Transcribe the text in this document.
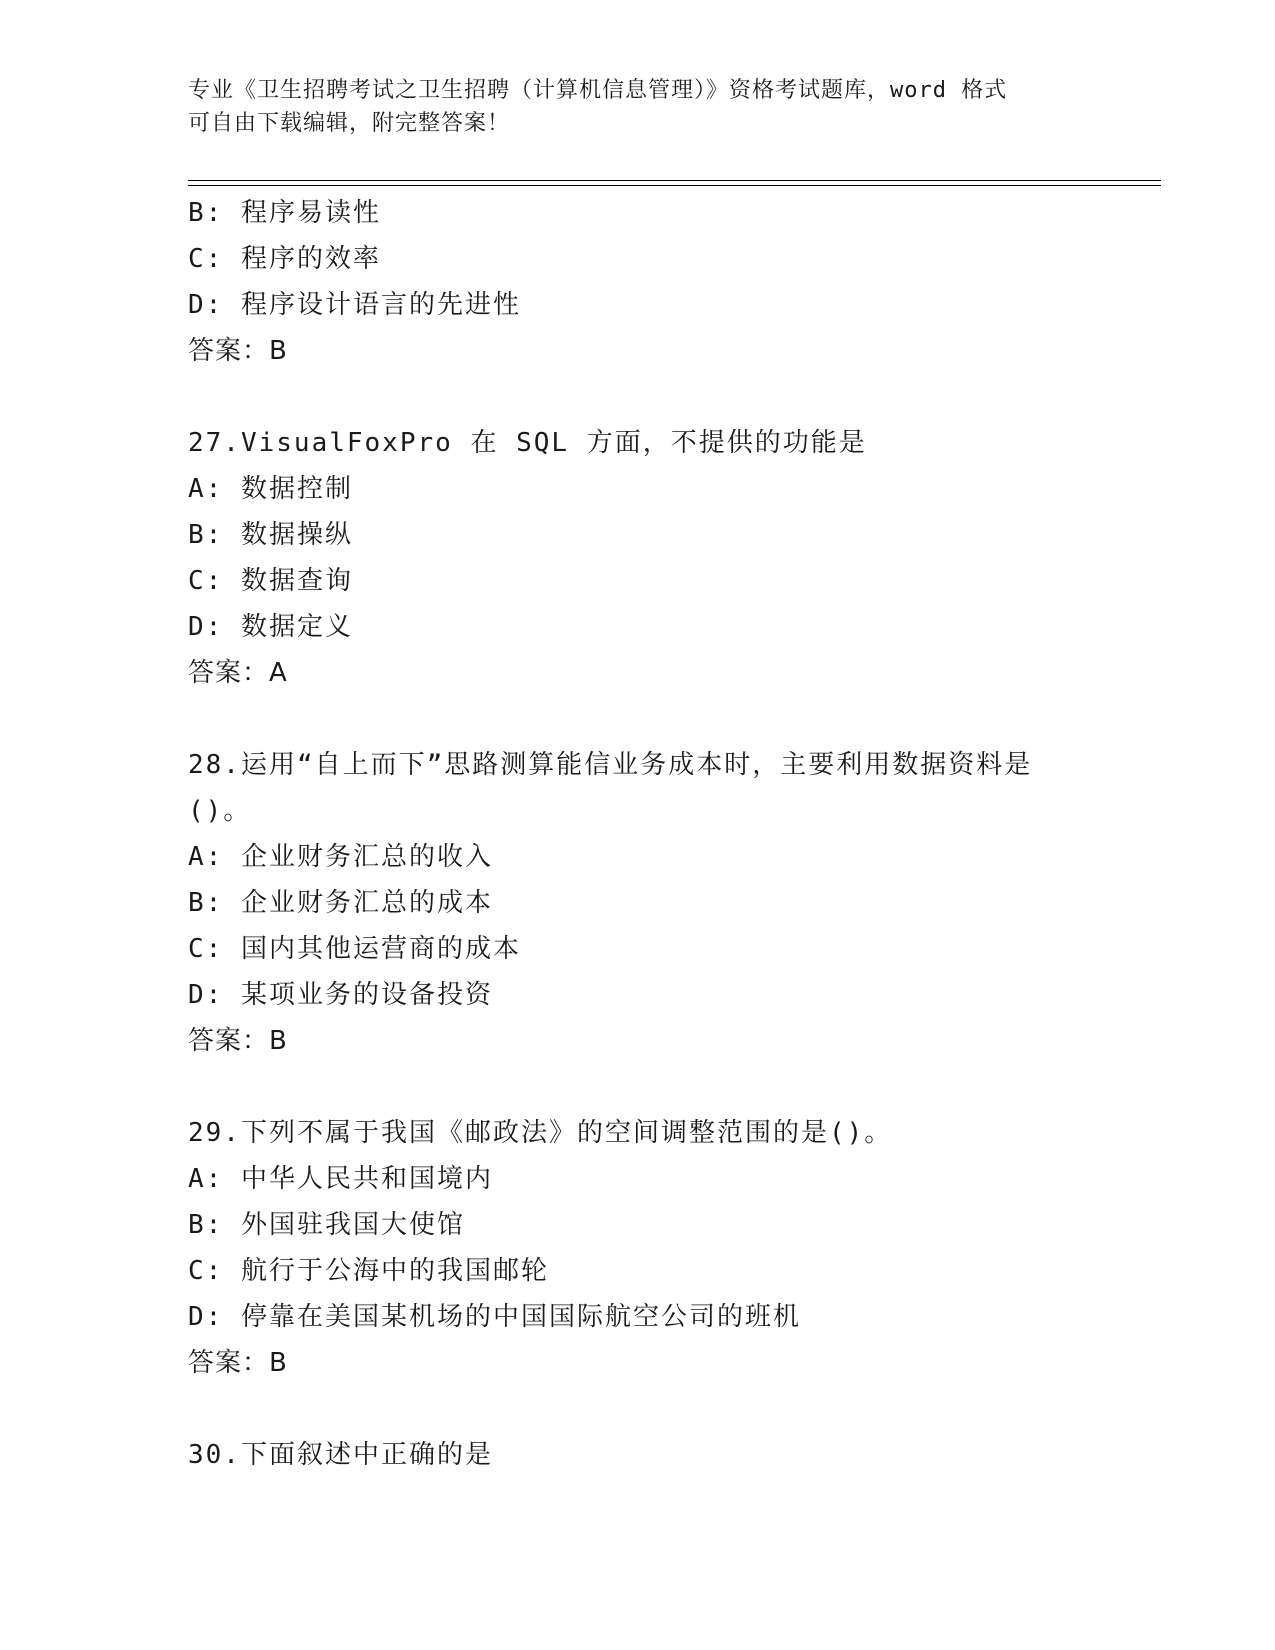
专业《卫生招聘考试之卫生招聘（计算机信息管理）》资格考试题库，word 格式
可自由下载编辑，附完整答案！
B: 程序易读性
C: 程序的效率
D: 程序设计语言的先进性
答案：B
27.VisualFoxPro 在 SQL 方面，不提供的功能是
A: 数据控制
B: 数据操纵
C: 数据查询
D: 数据定义
答案：A
28.运用“自上而下”思路测算能信业务成本时，主要利用数据资料是
()。
A: 企业财务汇总的收入
B: 企业财务汇总的成本
C: 国内其他运营商的成本
D: 某项业务的设备投资
答案：B
29.下列不属于我国《邮政法》的空间调整范围的是()。
A: 中华人民共和国境内
B: 外国驻我国大使馆
C: 航行于公海中的我国邮轮
D: 停靠在美国某机场的中国国际航空公司的班机
答案：B
30.下面叙述中正确的是
